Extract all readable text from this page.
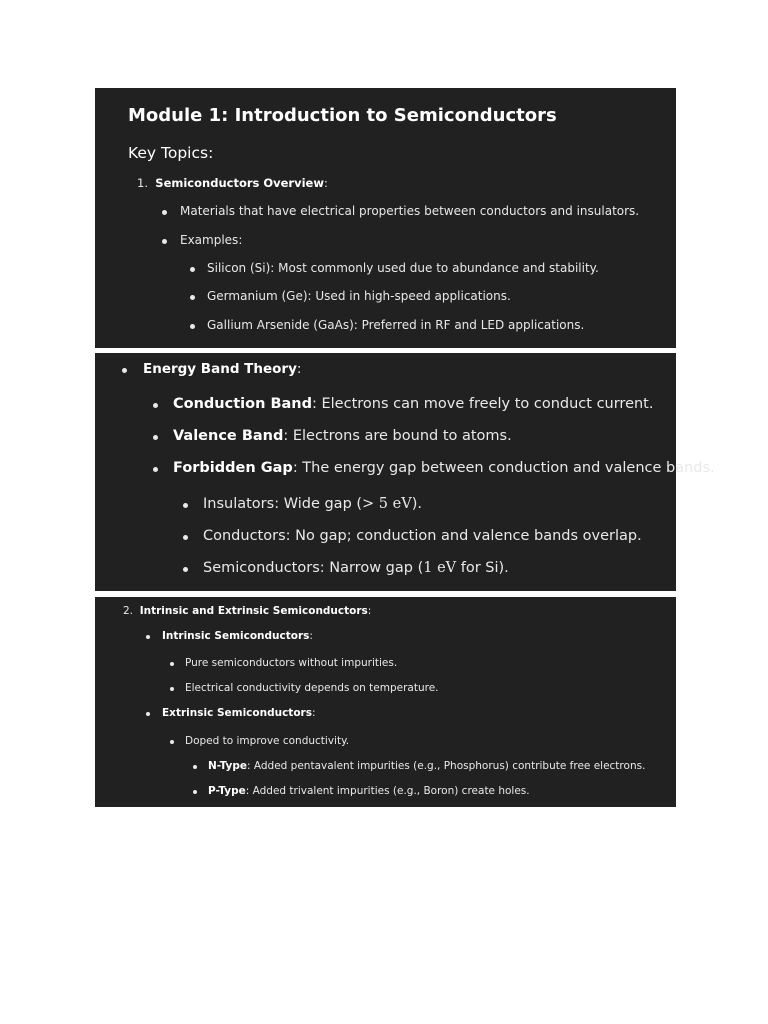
Module 1: Introduction to Semiconductors
Key Topics:
1. Semiconductors Overview:
Materials that have electrical properties between conductors and insulators.
Examples:
Silicon (Si): Most commonly used due to abundance and stability.
Germanium (Ge): Used in high-speed applications.
Gallium Arsenide (GaAs): Preferred in RF and LED applications.
Energy Band Theory:
Conduction Band: Electrons can move freely to conduct current.
Valence Band: Electrons are bound to atoms.
Forbidden Gap: The energy gap between conduction and valence bands.
Insulators: Wide gap (> 5 eV).
Conductors: No gap; conduction and valence bands overlap.
Semiconductors: Narrow gap (1 eV for Si).
2. Intrinsic and Extrinsic Semiconductors:
Intrinsic Semiconductors:
Pure semiconductors without impurities.
Electrical conductivity depends on temperature.
Extrinsic Semiconductors:
Doped to improve conductivity.
N-Type: Added pentavalent impurities (e.g., Phosphorus) contribute free electrons.
P-Type: Added trivalent impurities (e.g., Boron) create holes.
